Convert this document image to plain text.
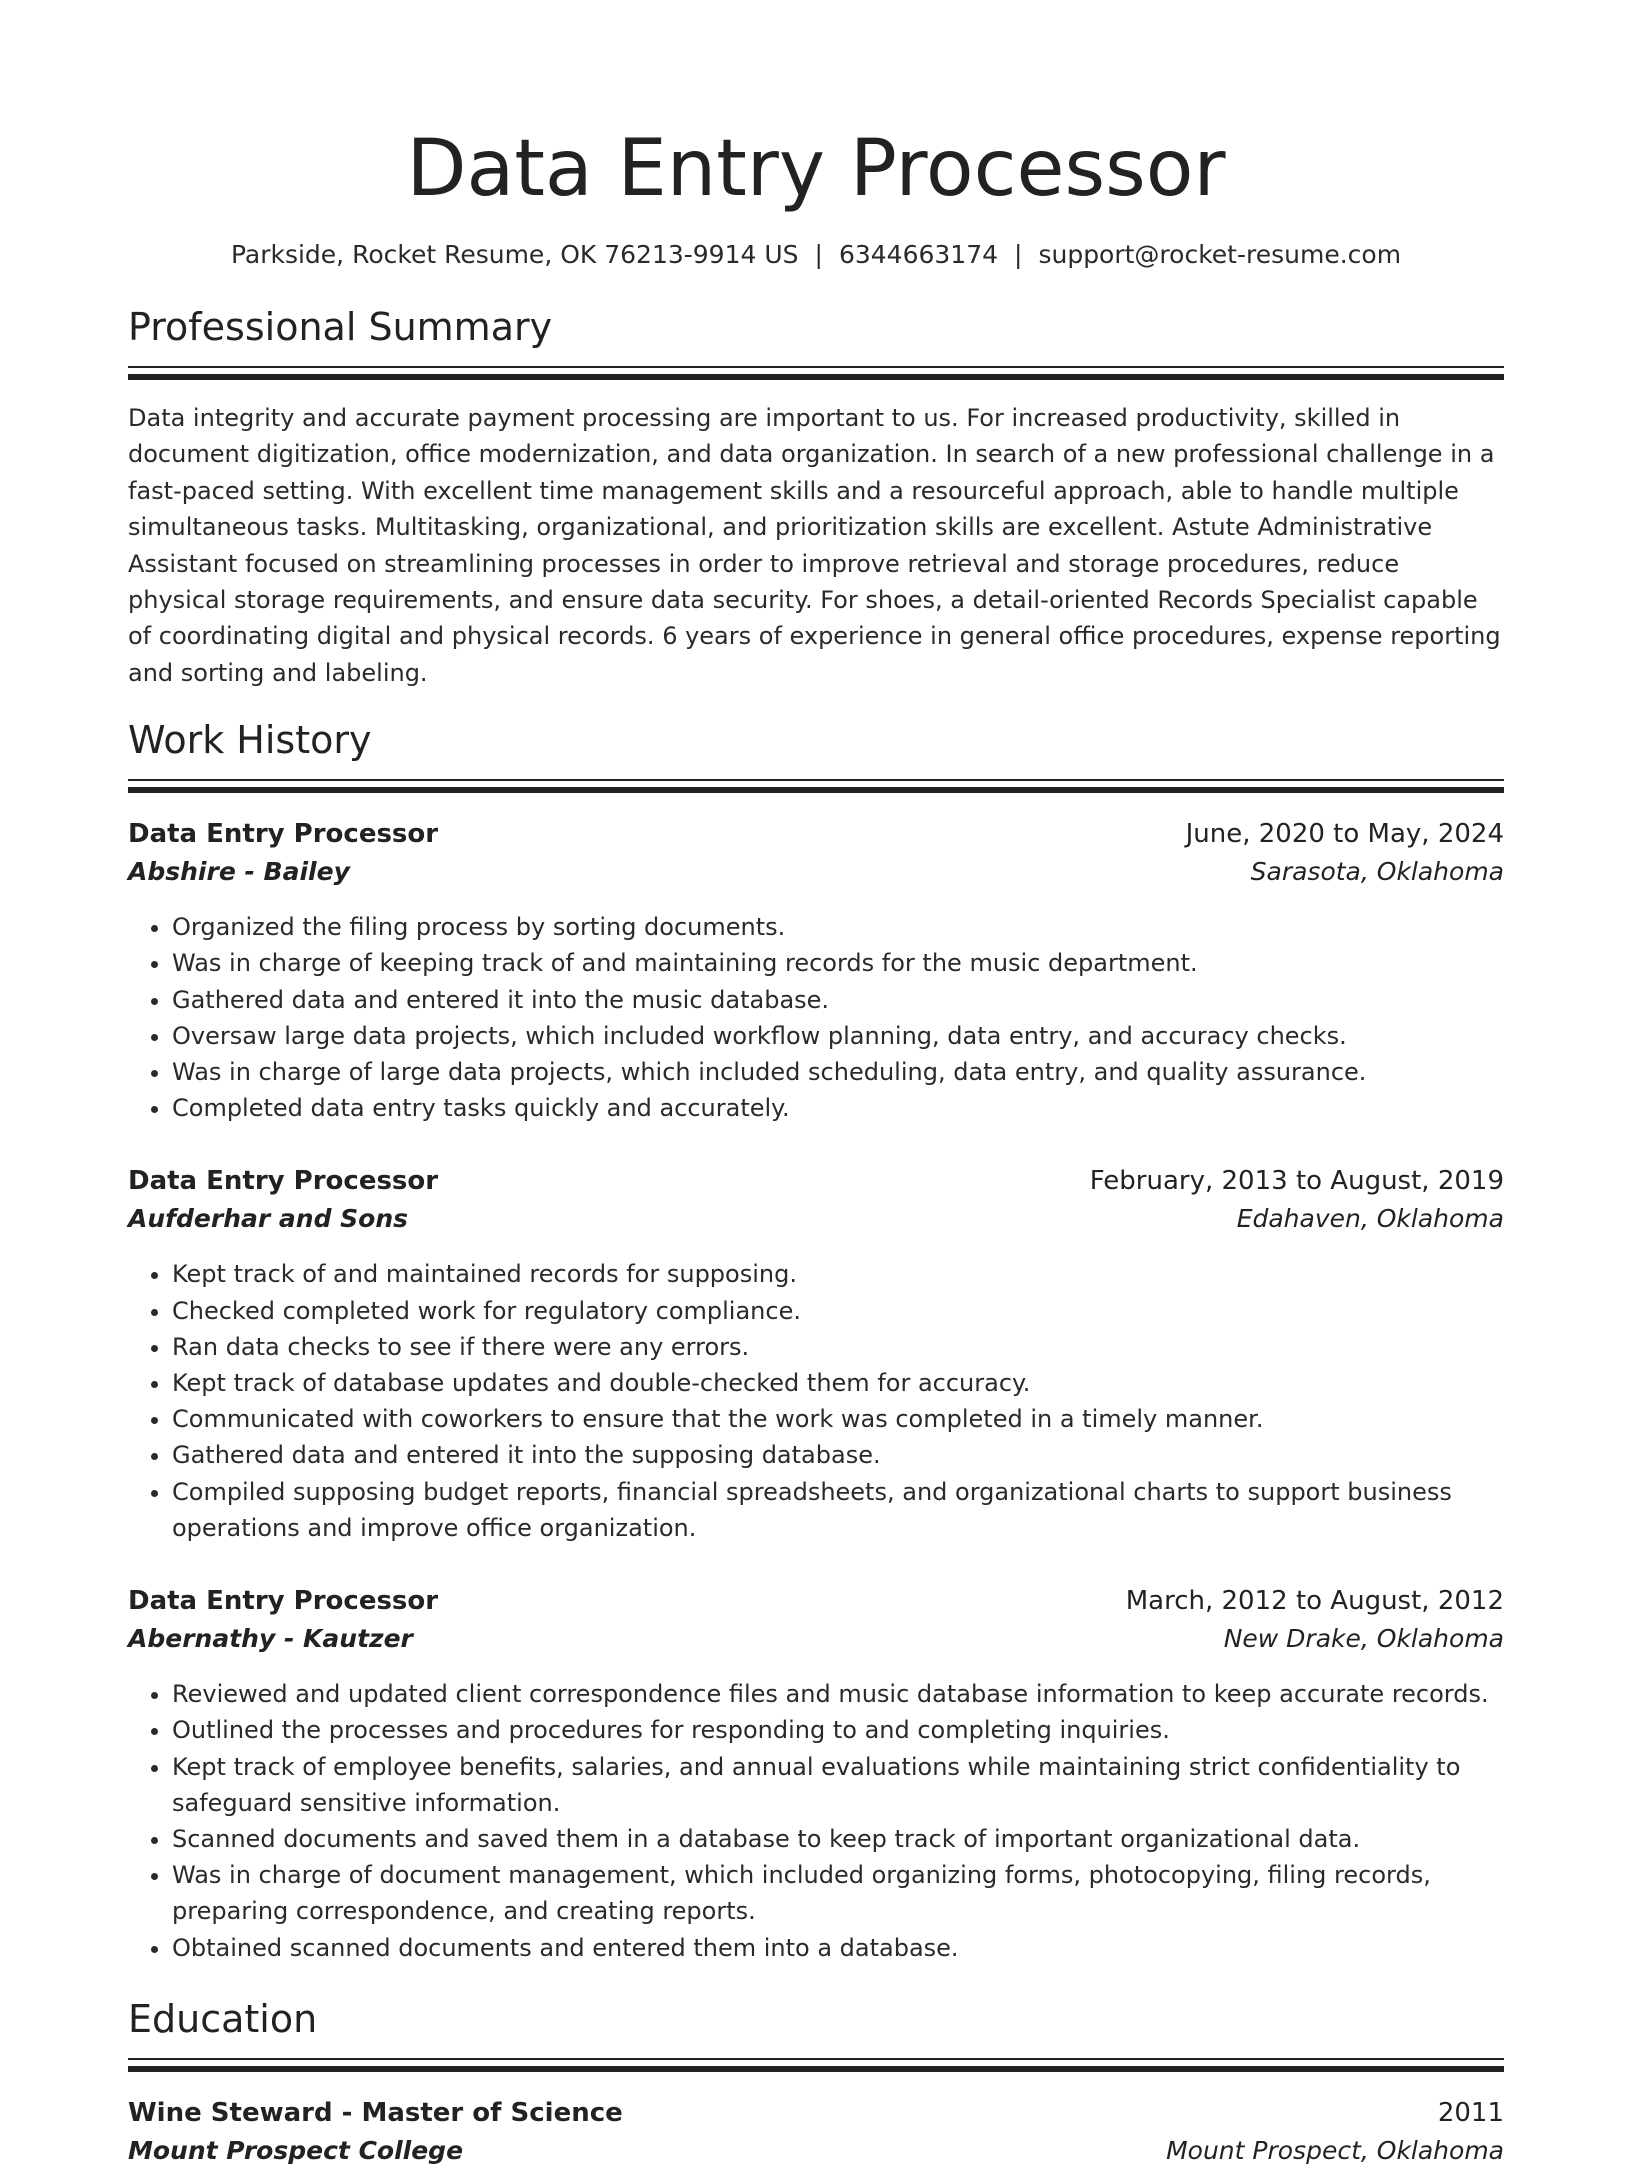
Data Entry Processor
Parkside, Rocket Resume, OK 76213-9914 US | 6344663174 | support@rocket-resume.com
Professional Summary

Data integrity and accurate payment processing are important to us. For increased productivity, skilled in document digitization, office modernization, and data organization. In search of a new professional challenge in a fast-paced setting. With excellent time management skills and a resourceful approach, able to handle multiple simultaneous tasks. Multitasking, organizational, and prioritization skills are excellent. Astute Administrative Assistant focused on streamlining processes in order to improve retrieval and storage procedures, reduce physical storage requirements, and ensure data security. For shoes, a detail-oriented Records Specialist capable of coordinating digital and physical records. 6 years of experience in general office procedures, expense reporting and sorting and labeling.

Work History
Data Entry Processor	June, 2020 to May, 2024
Abshire - Bailey	Sarasota, Oklahoma
• Organized the filing process by sorting documents.
• Was in charge of keeping track of and maintaining records for the music department.
• Gathered data and entered it into the music database.
• Oversaw large data projects, which included workflow planning, data entry, and accuracy checks.
• Was in charge of large data projects, which included scheduling, data entry, and quality assurance.
• Completed data entry tasks quickly and accurately.
Data Entry Processor	February, 2013 to August, 2019
Aufderhar and Sons	Edahaven, Oklahoma
• Kept track of and maintained records for supposing.
• Checked completed work for regulatory compliance.
• Ran data checks to see if there were any errors.
• Kept track of database updates and double-checked them for accuracy.
• Communicated with coworkers to ensure that the work was completed in a timely manner.
• Gathered data and entered it into the supposing database.
• Compiled supposing budget reports, financial spreadsheets, and organizational charts to support business operations and improve office organization.
Data Entry Processor	March, 2012 to August, 2012
Abernathy - Kautzer	New Drake, Oklahoma
• Reviewed and updated client correspondence files and music database information to keep accurate records.
• Outlined the processes and procedures for responding to and completing inquiries.
• Kept track of employee benefits, salaries, and annual evaluations while maintaining strict confidentiality to safeguard sensitive information.
• Scanned documents and saved them in a database to keep track of important organizational data.
• Was in charge of document management, which included organizing forms, photocopying, filing records, preparing correspondence, and creating reports.
• Obtained scanned documents and entered them into a database.
Education
Wine Steward - Master of Science	2011
Mount Prospect College	Mount Prospect, Oklahoma
